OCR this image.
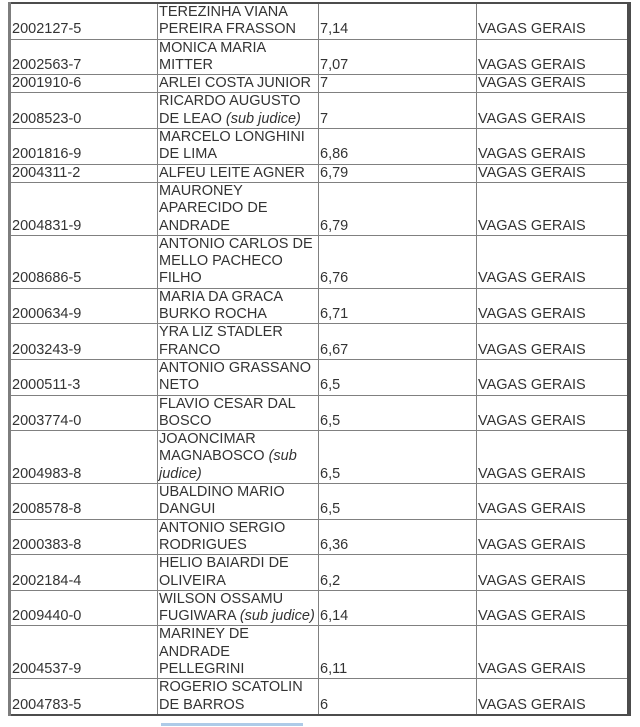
2002127-5	TEREZINHA VIANA PEREIRA FRASSON	7,14	VAGAS GERAIS
2002563-7	MONICA MARIA MITTER	7,07	VAGAS GERAIS
2001910-6	ARLEI COSTA JUNIOR	7	VAGAS GERAIS
2008523-0	RICARDO AUGUSTO DE LEAO (sub judice)	7	VAGAS GERAIS
2001816-9	MARCELO LONGHINI DE LIMA	6,86	VAGAS GERAIS
2004311-2	ALFEU LEITE AGNER	6,79	VAGAS GERAIS
2004831-9	MAURONEY APARECIDO DE ANDRADE	6,79	VAGAS GERAIS
2008686-5	ANTONIO CARLOS DE MELLO PACHECO FILHO	6,76	VAGAS GERAIS
2000634-9	MARIA DA GRACA BURKO ROCHA	6,71	VAGAS GERAIS
2003243-9	YRA LIZ STADLER FRANCO	6,67	VAGAS GERAIS
2000511-3	ANTONIO GRASSANO NETO	6,5	VAGAS GERAIS
2003774-0	FLAVIO CESAR DAL BOSCO	6,5	VAGAS GERAIS
2004983-8	JOAONCIMAR MAGNABOSCO (sub judice)	6,5	VAGAS GERAIS
2008578-8	UBALDINO MARIO DANGUI	6,5	VAGAS GERAIS
2000383-8	ANTONIO SERGIO RODRIGUES	6,36	VAGAS GERAIS
2002184-4	HELIO BAIARDI DE OLIVEIRA	6,2	VAGAS GERAIS
2009440-0	WILSON OSSAMU FUGIWARA (sub judice)	6,14	VAGAS GERAIS
2004537-9	MARINEY DE ANDRADE PELLEGRINI	6,11	VAGAS GERAIS
2004783-5	ROGERIO SCATOLIN DE BARROS	6	VAGAS GERAIS
